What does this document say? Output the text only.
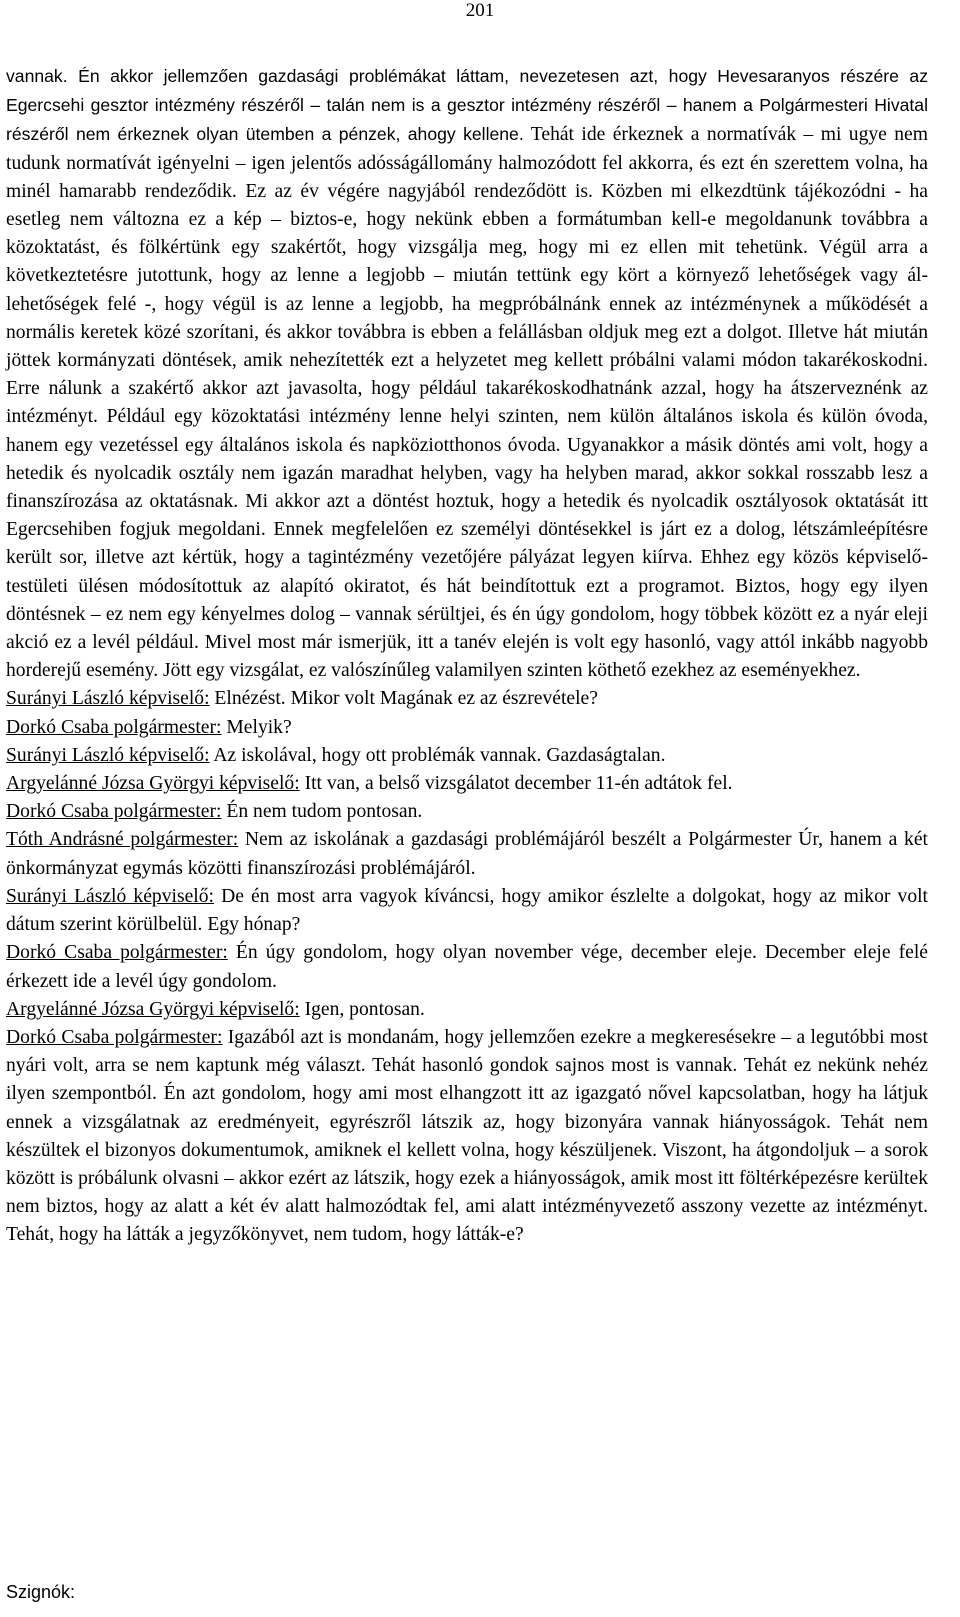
201

vannak. Én akkor jellemzően gazdasági problémákat láttam, nevezetesen azt, hogy Hevesaranyos részére az Egercsehi gesztor intézmény részéről – talán nem is a gesztor intézmény részéről – hanem a Polgármesteri Hivatal részéről nem érkeznek olyan ütemben a pénzek, ahogy kellene. Tehát ide érkeznek a normatívák – mi ugye nem tudunk normatívát igényelni – igen jelentős adósságállomány halmozódott fel akkorra, és ezt én szerettem volna, ha minél hamarabb rendeződik. Ez az év végére nagyjából rendeződött is. Közben mi elkezdtünk tájékozódni - ha esetleg nem változna ez a kép – biztos-e, hogy nekünk ebben a formátumban kell-e megoldanunk továbbra a közoktatást, és fölkértünk egy szakértőt, hogy vizsgálja meg, hogy mi ez ellen mit tehetünk. Végül arra a következtetésre jutottunk, hogy az lenne a legjobb – miután tettünk egy kört a környező lehetőségek vagy ál-lehetőségek felé -, hogy végül is az lenne a legjobb, ha megpróbálnánk ennek az intézménynek a működését a normális keretek közé szorítani, és akkor továbbra is ebben a felállásban oldjuk meg ezt a dolgot. Illetve hát miután jöttek kormányzati döntések, amik nehezítették ezt a helyzetet meg kellett próbálni valami módon takarékoskodni. Erre nálunk a szakértő akkor azt javasolta, hogy például takarékoskodhatnánk azzal, hogy ha átszerveznénk az intézményt. Például egy közoktatási intézmény lenne helyi szinten, nem külön általános iskola és külön óvoda, hanem egy vezetéssel egy általános iskola és napköziotthonos óvoda. Ugyanakkor a másik döntés ami volt, hogy a hetedik és nyolcadik osztály nem igazán maradhat helyben, vagy ha helyben marad, akkor sokkal rosszabb lesz a finanszírozása az oktatásnak. Mi akkor azt a döntést hoztuk, hogy a hetedik és nyolcadik osztályosok oktatását itt Egercsehiben fogjuk megoldani. Ennek megfelelően ez személyi döntésekkel is járt ez a dolog, létszámleépítésre került sor, illetve azt kértük, hogy a tagintézmény vezetőjére pályázat legyen kiírva. Ehhez egy közös képviselő-testületi ülésen módosítottuk az alapító okiratot, és hát beindítottuk ezt a programot. Biztos, hogy egy ilyen döntésnek – ez nem egy kényelmes dolog – vannak sérültjei, és én úgy gondolom, hogy többek között ez a nyár eleji akció ez a levél például. Mivel most már ismerjük, itt a tanév elején is volt egy hasonló, vagy attól inkább nagyobb horderejű esemény. Jött egy vizsgálat, ez valószínűleg valamilyen szinten köthető ezekhez az eseményekhez.

Surányi László képviselő: Elnézést. Mikor volt Magának ez az észrevétele?

Dorkó Csaba polgármester: Melyik?

Surányi László képviselő: Az iskolával, hogy ott problémák vannak. Gazdaságtalan.

Argyelánné Józsa Györgyi képviselő: Itt van, a belső vizsgálatot december 11-én adtátok fel.

Dorkó Csaba polgármester: Én nem tudom pontosan.

Tóth Andrásné polgármester: Nem az iskolának a gazdasági problémájáról beszélt a Polgármester Úr, hanem a két önkormányzat egymás közötti finanszírozási problémájáról.

Surányi László képviselő: De én most arra vagyok kíváncsi, hogy amikor észlelte a dolgokat, hogy az mikor volt dátum szerint körülbelül. Egy hónap?

Dorkó Csaba polgármester: Én úgy gondolom, hogy olyan november vége, december eleje. December eleje felé érkezett ide a levél úgy gondolom.

Argyelánné Józsa Györgyi képviselő: Igen, pontosan.

Dorkó Csaba polgármester: Igazából azt is mondanám, hogy jellemzően ezekre a megkeresésekre – a legutóbbi most nyári volt, arra se nem kaptunk még választ. Tehát hasonló gondok sajnos most is vannak. Tehát ez nekünk nehéz ilyen szempontból. Én azt gondolom, hogy ami most elhangzott itt az igazgató nővel kapcsolatban, hogy ha látjuk ennek a vizsgálatnak az eredményeit, egyrészről látszik az, hogy bizonyára vannak hiányosságok. Tehát nem készültek el bizonyos dokumentumok, amiknek el kellett volna, hogy készüljenek. Viszont, ha átgondoljuk – a sorok között is próbálunk olvasni – akkor ezért az látszik, hogy ezek a hiányosságok, amik most itt föltérképezésre kerültek nem biztos, hogy az alatt a két év alatt halmozódtak fel, ami alatt intézményvezető asszony vezette az intézményt. Tehát, hogy ha látták a jegyzőkönyvet, nem tudom, hogy látták-e?

Szignók:
